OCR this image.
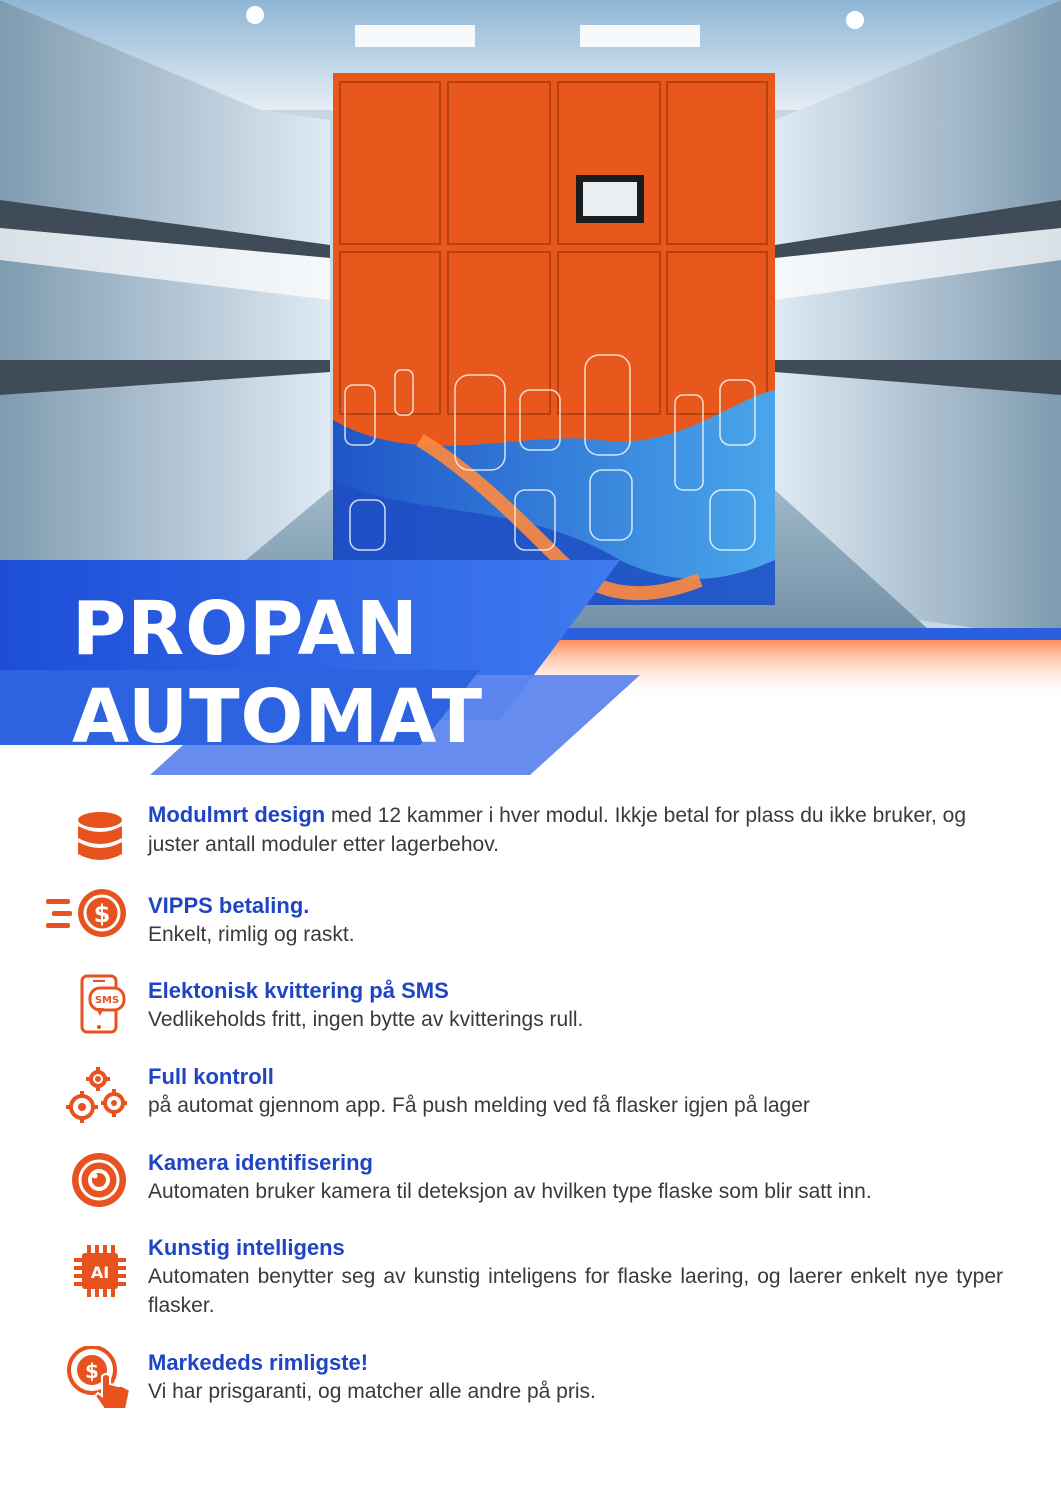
PROPAN
AUTOMAT
Modulmrt design med 12 kammer i hver modul. Ikkje betal for plass du ikke bruker, og juster antall moduler etter lagerbehov.
$ VIPPS betaling.
Enkelt, rimlig og raskt.
SMS Elektonisk kvittering på SMS
Vedlikeholds fritt, ingen bytte av kvitterings rull.
Full kontroll
på automat gjennom app. Få push melding ved få flasker igjen på lager
Kamera identifisering
Automaten bruker kamera til deteksjon av hvilken type flaske som blir satt inn.
AI
Kunstig intelligens
Automaten benytter seg av kunstig inteligens for flaske laering, og laerer enkelt nye typer flasker.
$ Markededs rimligste!
Vi har prisgaranti, og matcher alle andre på pris.
